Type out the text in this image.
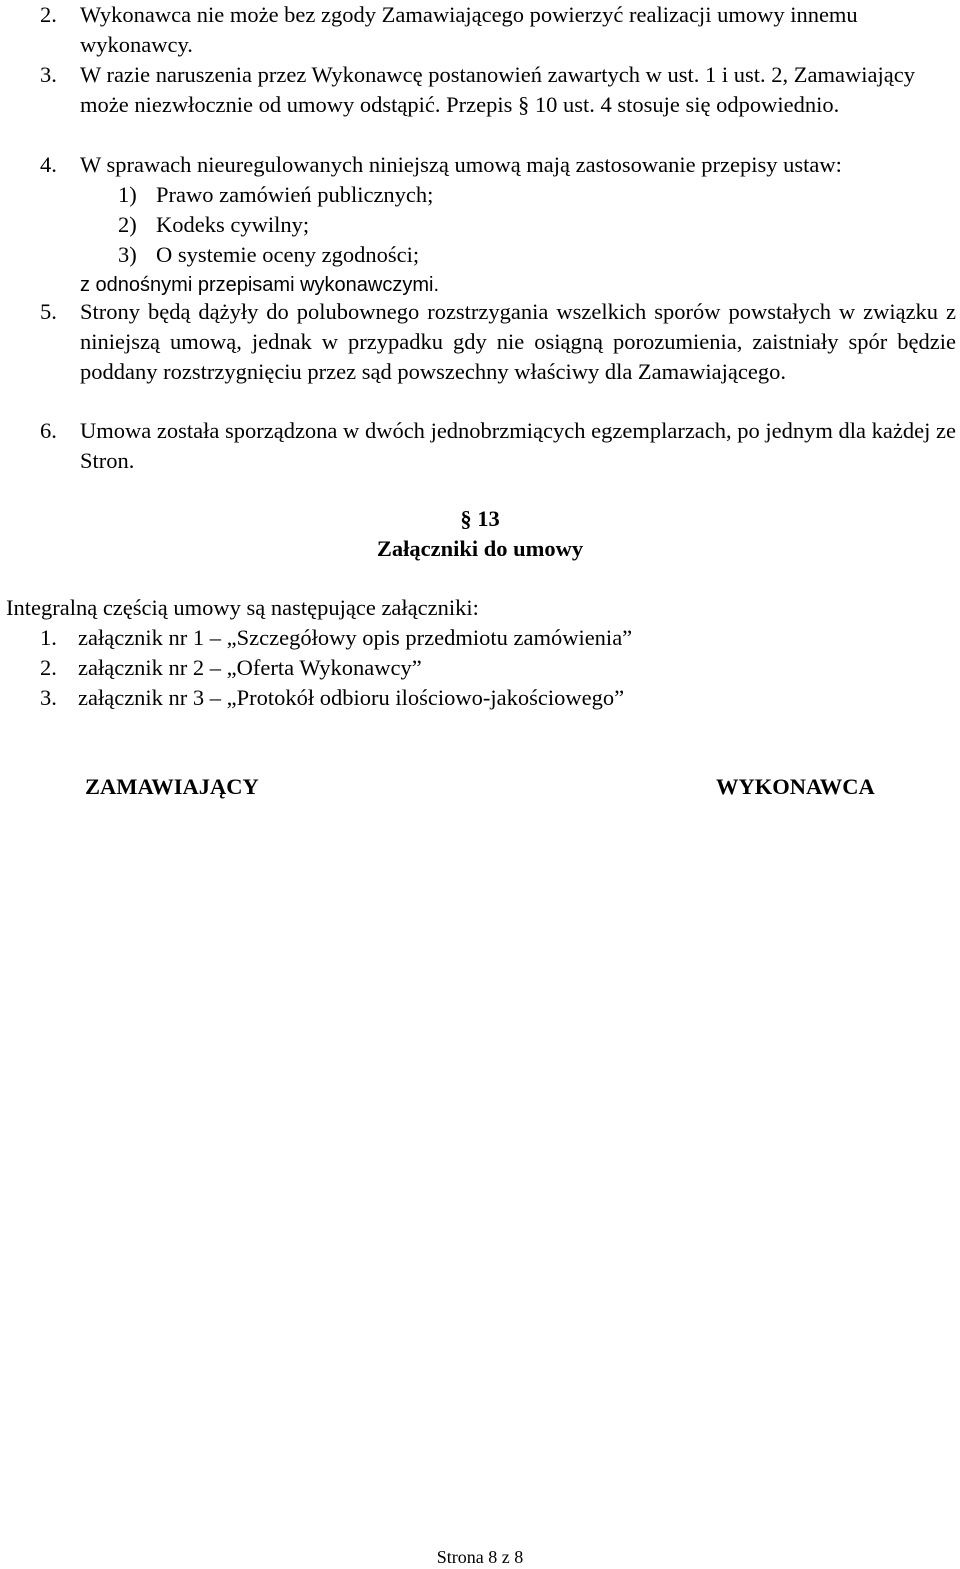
2.	Wykonawca nie może bez zgody Zamawiającego powierzyć realizacji umowy innemu wykonawcy.
3.	W razie naruszenia przez Wykonawcę postanowień zawartych w ust. 1 i ust. 2, Zamawiający może niezwłocznie od umowy odstąpić. Przepis § 10 ust. 4 stosuje się odpowiednio.
4.	W sprawach nieuregulowanych niniejszą umową mają zastosowanie przepisy ustaw:
1) Prawo zamówień publicznych;
2) Kodeks cywilny;
3) O systemie oceny zgodności;
z odnośnymi przepisami wykonawczymi.
5.	Strony będą dążyły do polubownego rozstrzygania wszelkich sporów powstałych w związku z niniejszą umową, jednak w przypadku gdy nie osiągną porozumienia, zaistniały spór będzie poddany rozstrzygnięciu przez sąd powszechny właściwy dla Zamawiającego.
6.	Umowa została sporządzona w dwóch jednobrzmiących egzemplarzach, po jednym dla każdej ze Stron.
§ 13
Załączniki do umowy
Integralną częścią umowy są następujące załączniki:
1. załącznik nr 1 – „Szczegółowy opis przedmiotu zamówienia”
2. załącznik nr 2 – „Oferta Wykonawcy”
3. załącznik nr 3 – „Protokół odbioru ilościowo-jakościowego”
ZAMAWIAJĄCY	WYKONAWCA
Strona 8 z 8
